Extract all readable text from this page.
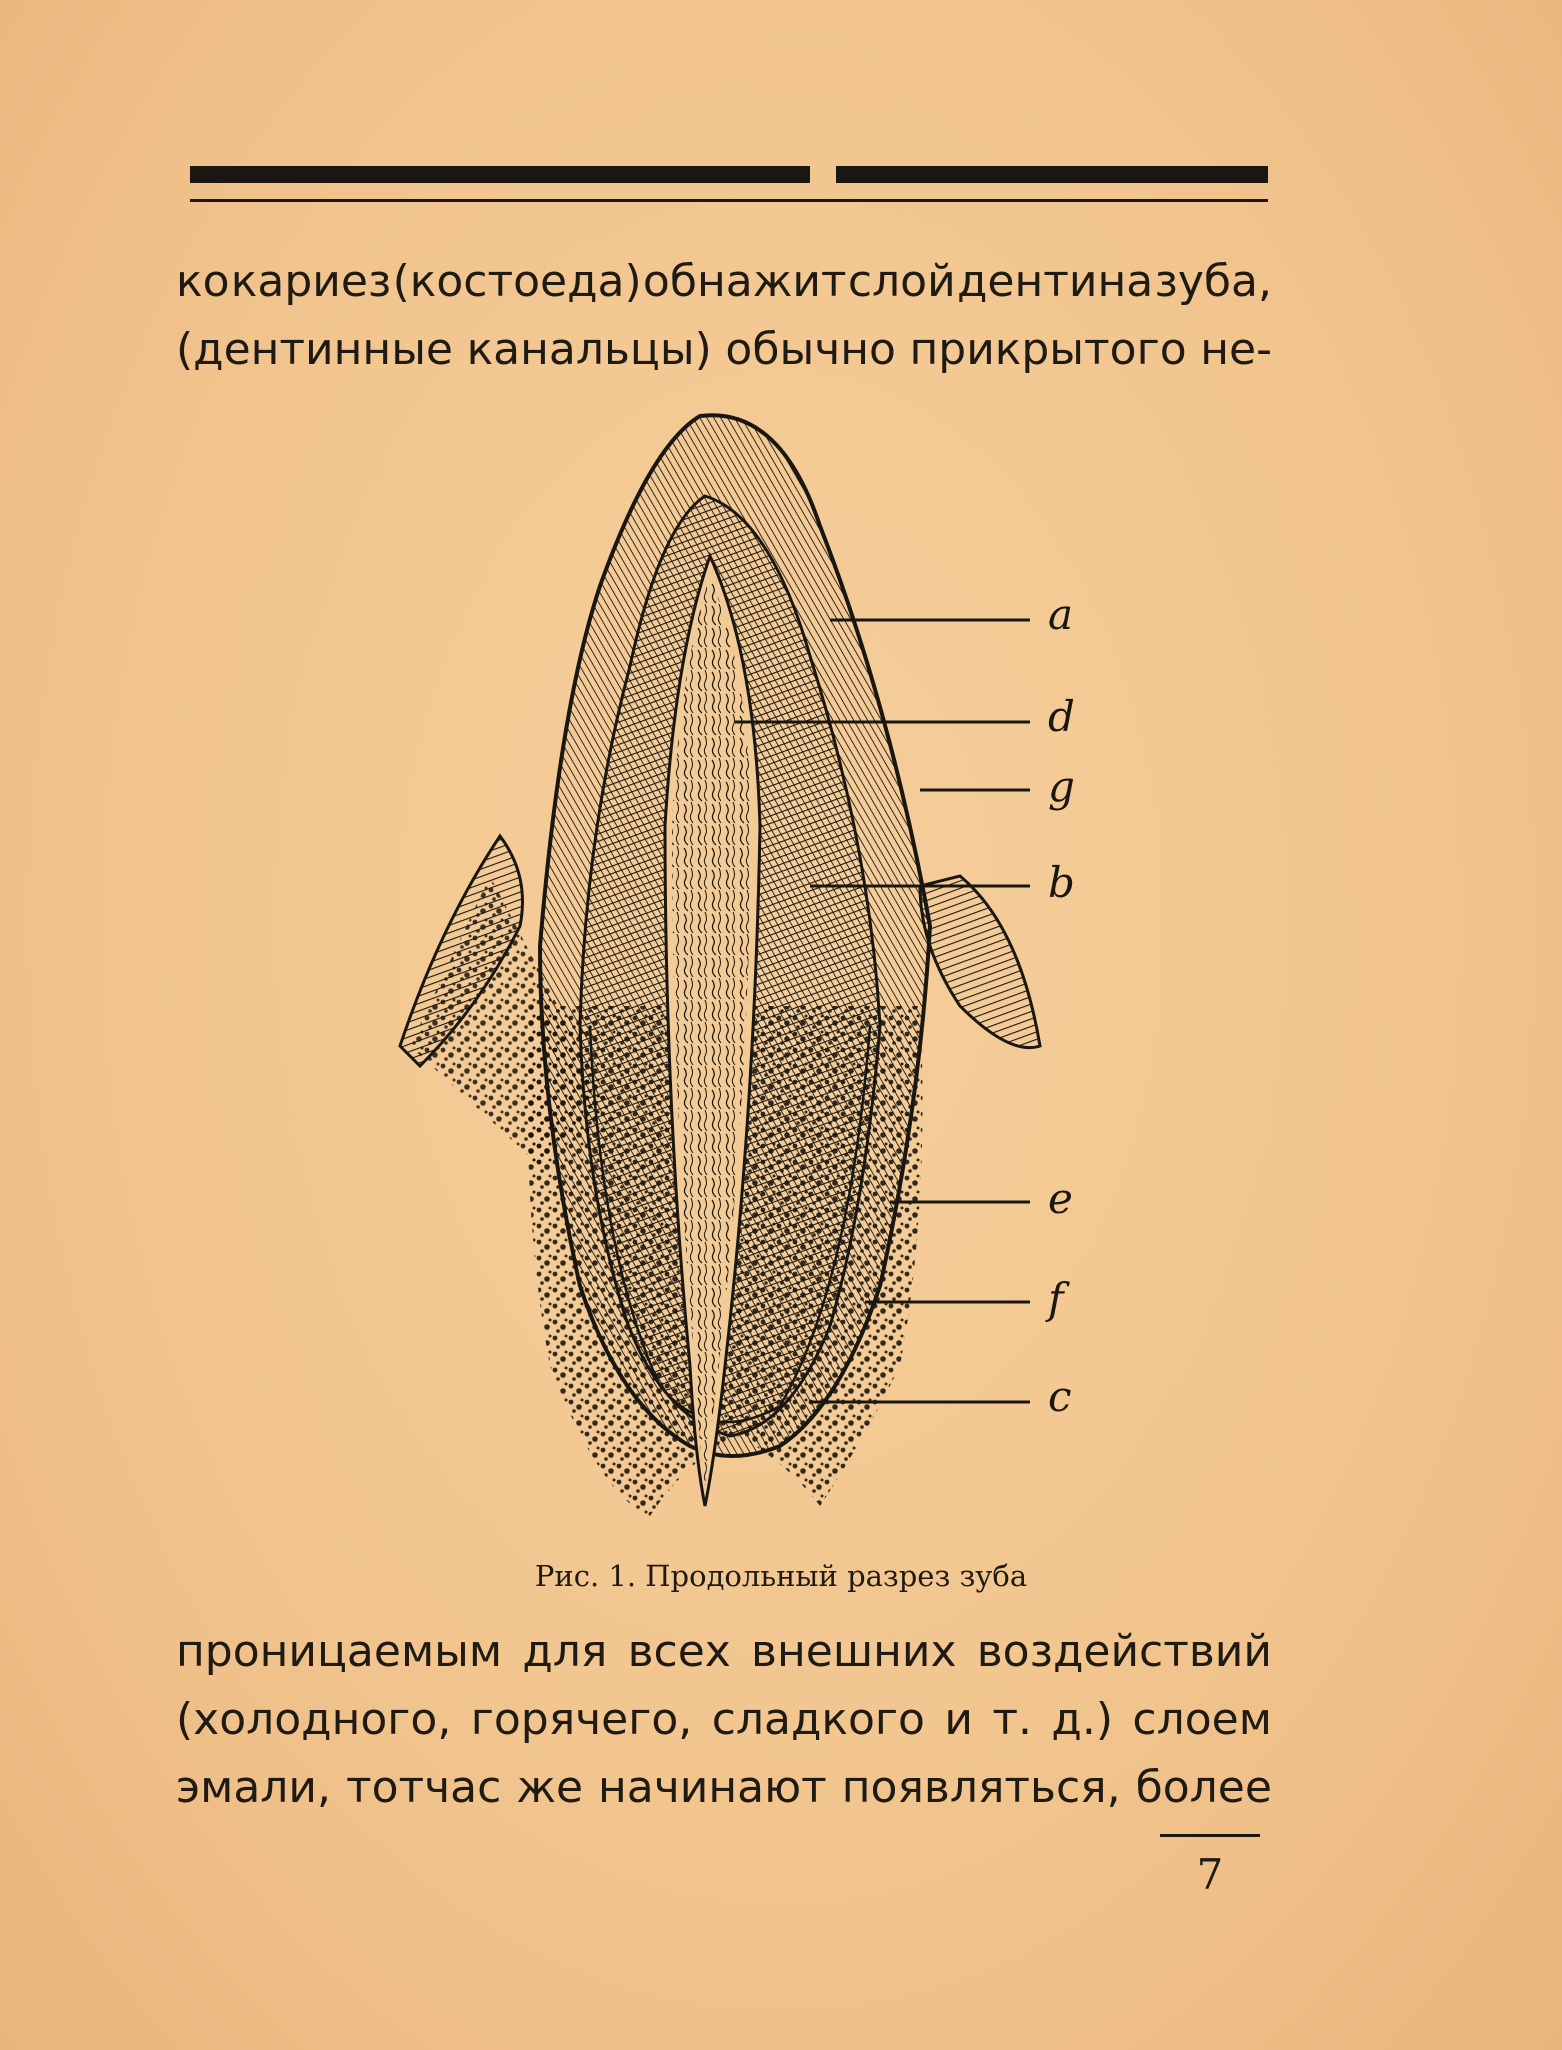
ко кариез (костоеда) обнажит слой дентина зуба,
(дентинные канальцы) обычно прикрытого не-
a
d
g
b
e
f
c
Рис. 1. Продольный разрез зуба
проницаемым для всех внешних воздействий
(холодного, горячего, сладкого и т. д.) слоем
эмали, тотчас же начинают появляться, более
7
